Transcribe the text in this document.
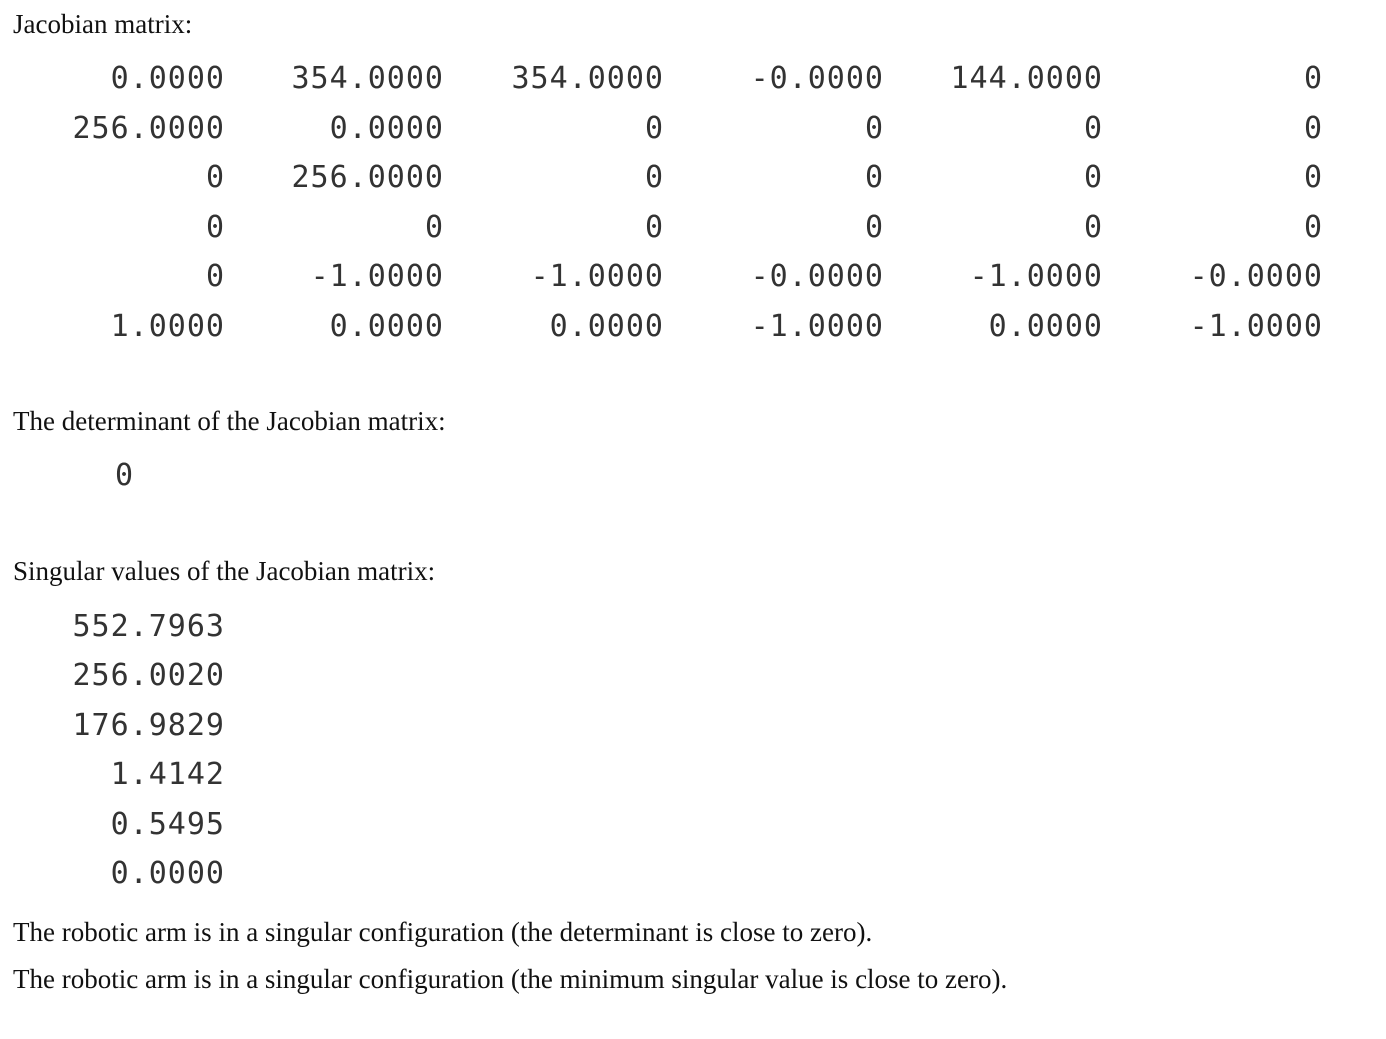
Jacobian matrix:
0.0000	354.0000	354.0000	-0.0000	144.0000	0
256.0000	0.0000	0	0	0	0
0	256.0000	0	0	0	0
0	0	0	0	0	0
0	-1.0000	-1.0000	-0.0000	-1.0000	-0.0000
1.0000	0.0000	0.0000	-1.0000	0.0000	-1.0000
The determinant of the Jacobian matrix:
0
Singular values of the Jacobian matrix:
552.7963
256.0020
176.9829
1.4142
0.5495
0.0000
The robotic arm is in a singular configuration (the determinant is close to zero).
The robotic arm is in a singular configuration (the minimum singular value is close to zero).
